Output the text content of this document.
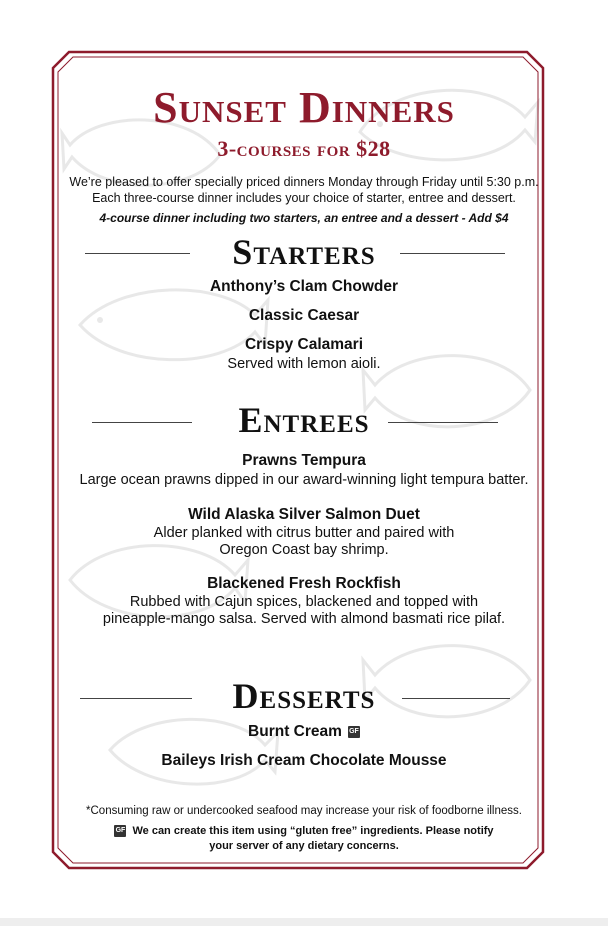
Sunset Dinners
3-courses for $28
We’re pleased to offer specially priced dinners Monday through Friday until 5:30 p.m.
Each three-course dinner includes your choice of starter, entree and dessert.
4-course dinner including two starters, an entree and a dessert - Add $4
Starters
Anthony’s Clam Chowder
Classic Caesar
Crispy Calamari
Served with lemon aioli.
Entrees
Prawns Tempura
Large ocean prawns dipped in our award-winning light tempura batter.
Wild Alaska Silver Salmon Duet
Alder planked with citrus butter and paired with
Oregon Coast bay shrimp.
Blackened Fresh Rockfish
Rubbed with Cajun spices, blackened and topped with
pineapple-mango salsa. Served with almond basmati rice pilaf.
Desserts
Burnt Cream GF
Baileys Irish Cream Chocolate Mousse
*Consuming raw or undercooked seafood may increase your risk of foodborne illness.
GF We can create this item using “gluten free” ingredients. Please notify
your server of any dietary concerns.
